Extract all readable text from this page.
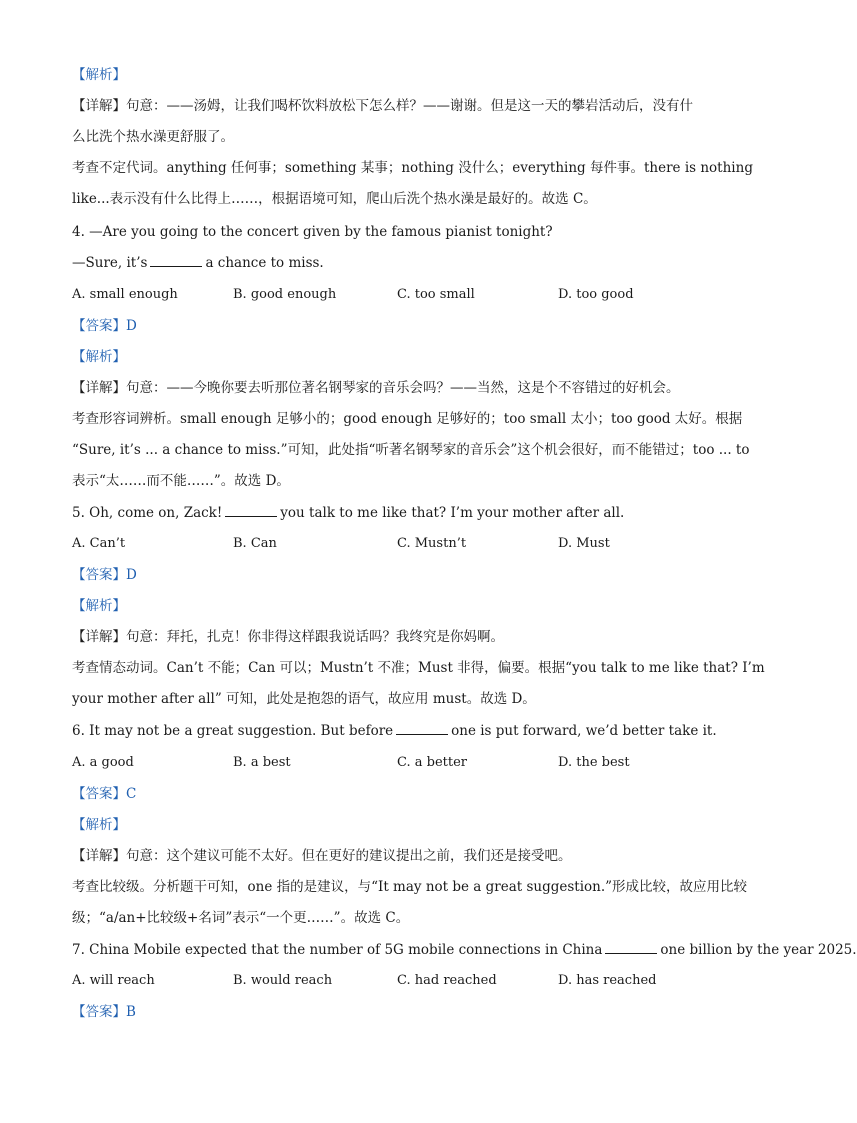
【解析】
【详解】句意：——汤姆，让我们喝杯饮料放松下怎么样？——谢谢。但是这一天的攀岩活动后，没有什
么比洗个热水澡更舒服了。
考查不定代词。anything 任何事；something 某事；nothing 没什么；everything 每件事。there is nothing
like...表示没有什么比得上……，根据语境可知，爬山后洗个热水澡是最好的。故选 C。
4. —Are you going to the concert given by the famous pianist tonight?
—Sure, it’s	a chance to miss.
A. small enough	B. good enough	C. too small	D. too good
【答案】D
【解析】
【详解】句意：——今晚你要去听那位著名钢琴家的音乐会吗？——当然，这是个不容错过的好机会。
考查形容词辨析。small enough 足够小的；good enough 足够好的；too small 太小；too good 太好。根据
“Sure, it’s ... a chance to miss.”可知，此处指“听著名钢琴家的音乐会”这个机会很好，而不能错过；too ... to
表示“太……而不能……”。故选 D。
5. Oh, come on, Zack!	you talk to me like that? I’m your mother after all.
A. Can’t	B. Can	C. Mustn’t	D. Must
【答案】D
【解析】
【详解】句意：拜托，扎克！你非得这样跟我说话吗？我终究是你妈啊。
考查情态动词。Can’t 不能；Can 可以；Mustn’t 不准；Must 非得，偏要。根据“you talk to me like that? I’m
your mother after all” 可知，此处是抱怨的语气，故应用 must。故选 D。
6. It may not be a great suggestion. But before	one is put forward, we’d better take it.
A. a good	B. a best	C. a better	D. the best
【答案】C
【解析】
【详解】句意：这个建议可能不太好。但在更好的建议提出之前，我们还是接受吧。
考查比较级。分析题干可知，one 指的是建议，与“It may not be a great suggestion.”形成比较，故应用比较
级；“a/an+比较级+名词”表示“一个更……”。故选 C。
7. China Mobile expected that the number of 5G mobile connections in China	one billion by the year 2025.
A. will reach	B. would reach	C. had reached	D. has reached
【答案】B
